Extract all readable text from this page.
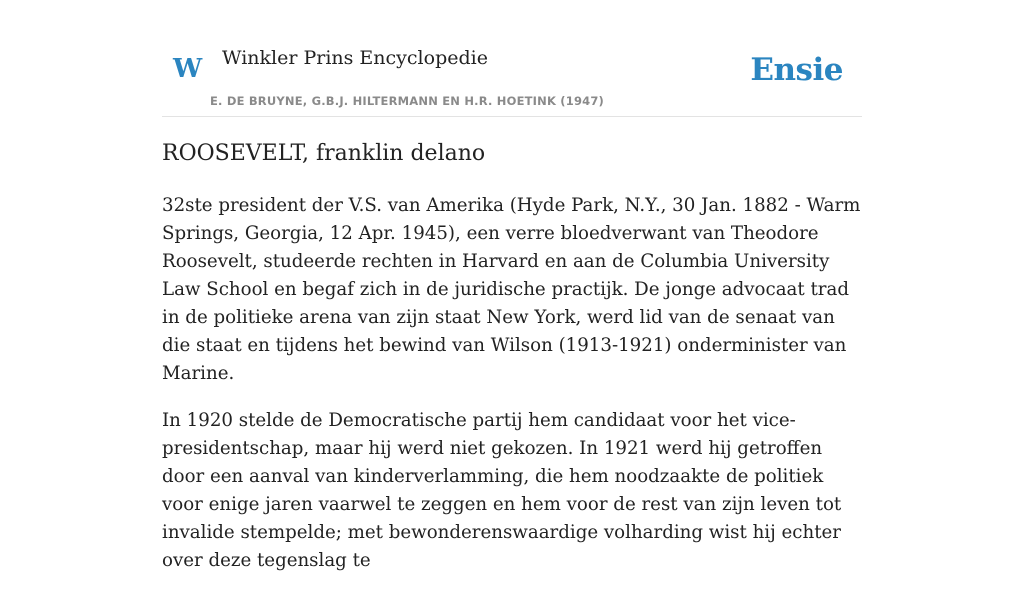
W Winkler Prins Encyclopedie
E. DE BRUYNE, G.B.J. HILTERMANN EN H.R. HOETINK (1947)
Ensie
ROOSEVELT, franklin delano

32ste president der V.S. van Amerika (Hyde Park, N.Y., 30 Jan. 1882 - Warm Springs, Georgia, 12 Apr. 1945), een verre bloedverwant van Theodore Roosevelt, studeerde rechten in Harvard en aan de Columbia University Law School en begaf zich in de juridische practijk. De jonge advocaat trad in de politieke arena van zijn staat New York, werd lid van de senaat van die staat en tijdens het bewind van Wilson (1913-1921) onderminister van Marine.

In 1920 stelde de Democratische partij hem candidaat voor het vice-presidentschap, maar hij werd niet gekozen. In 1921 werd hij getroffen door een aanval van kinderverlamming, die hem noodzaakte de politiek voor enige jaren vaarwel te zeggen en hem voor de rest van zijn leven tot invalide stempelde; met bewonderenswaardige volharding wist hij echter over deze tegenslag te
